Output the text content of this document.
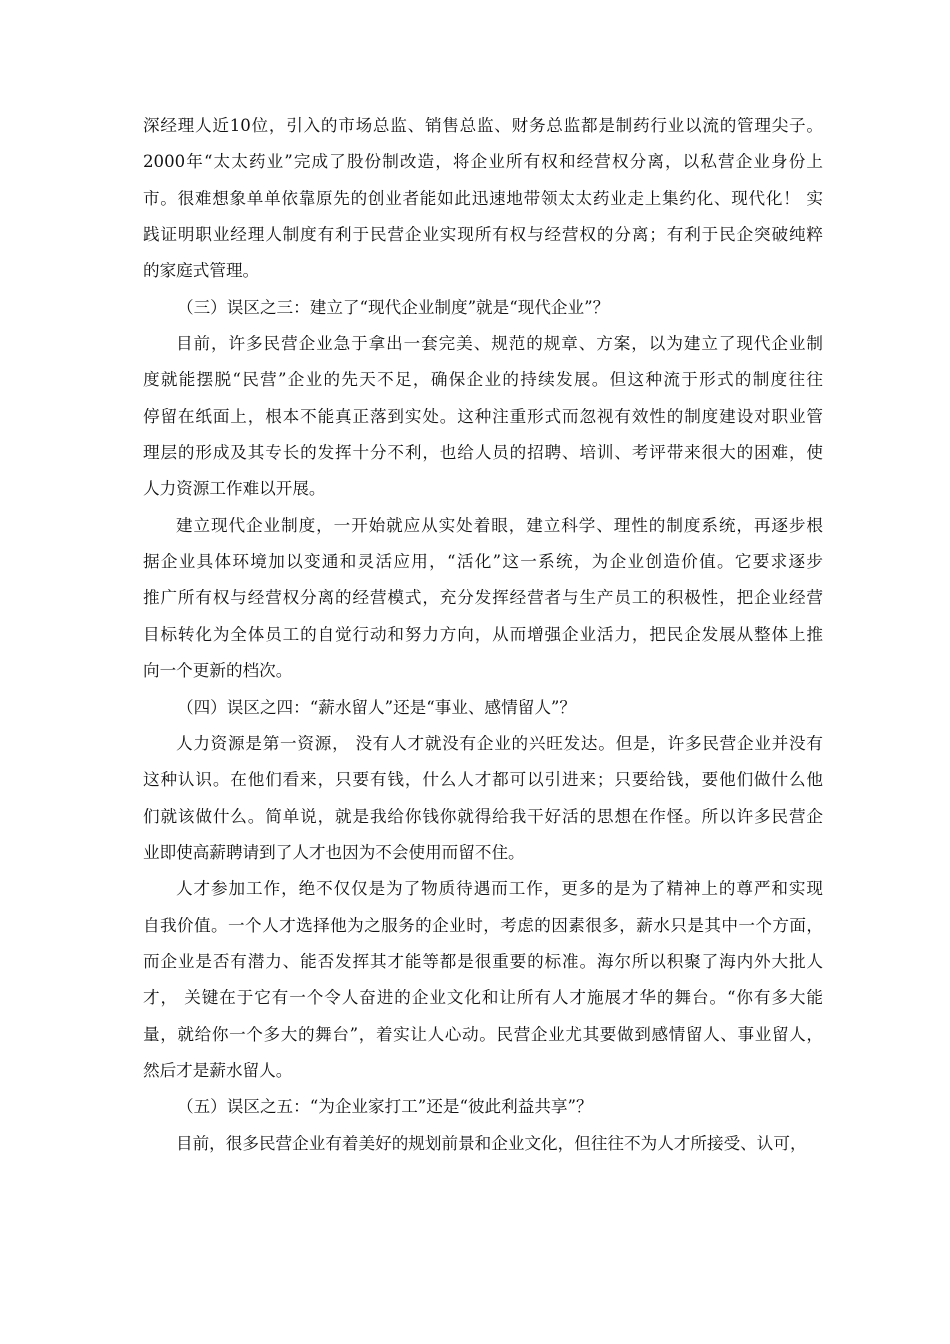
深经理人近10位，引入的市场总监、销售总监、财务总监都是制药行业以流的管理尖子。
2000年“太太药业”完成了股份制改造，将企业所有权和经营权分离，以私营企业身份上
市。很难想象单单依靠原先的创业者能如此迅速地带领太太药业走上集约化、现代化！ 实
践证明职业经理人制度有利于民营企业实现所有权与经营权的分离；有利于民企突破纯粹
的家庭式管理。
（三）误区之三：建立了“现代企业制度”就是“现代企业”？
目前，许多民营企业急于拿出一套完美、规范的规章、方案，以为建立了现代企业制
度就能摆脱“民营”企业的先天不足，确保企业的持续发展。但这种流于形式的制度往往
停留在纸面上，根本不能真正落到实处。这种注重形式而忽视有效性的制度建设对职业管
理层的形成及其专长的发挥十分不利，也给人员的招聘、培训、考评带来很大的困难，使
人力资源工作难以开展。
建立现代企业制度，一开始就应从实处着眼，建立科学、理性的制度系统，再逐步根
据企业具体环境加以变通和灵活应用，“活化”这一系统，为企业创造价值。它要求逐步
推广所有权与经营权分离的经营模式，充分发挥经营者与生产员工的积极性，把企业经营
目标转化为全体员工的自觉行动和努力方向，从而增强企业活力，把民企发展从整体上推
向一个更新的档次。
（四）误区之四：“薪水留人”还是“事业、感情留人”？
人力资源是第一资源， 没有人才就没有企业的兴旺发达。但是，许多民营企业并没有
这种认识。在他们看来，只要有钱，什么人才都可以引进来；只要给钱，要他们做什么他
们就该做什么。简单说，就是我给你钱你就得给我干好活的思想在作怪。所以许多民营企
业即使高薪聘请到了人才也因为不会使用而留不住。
人才参加工作，绝不仅仅是为了物质待遇而工作，更多的是为了精神上的尊严和实现
自我价值。一个人才选择他为之服务的企业时，考虑的因素很多，薪水只是其中一个方面，
而企业是否有潜力、能否发挥其才能等都是很重要的标准。海尔所以积聚了海内外大批人
才， 关键在于它有一个令人奋进的企业文化和让所有人才施展才华的舞台。“你有多大能
量，就给你一个多大的舞台”，着实让人心动。民营企业尤其要做到感情留人、事业留人，
然后才是薪水留人。
（五）误区之五：“为企业家打工”还是“彼此利益共享”？
目前，很多民营企业有着美好的规划前景和企业文化，但往往不为人才所接受、认可，
